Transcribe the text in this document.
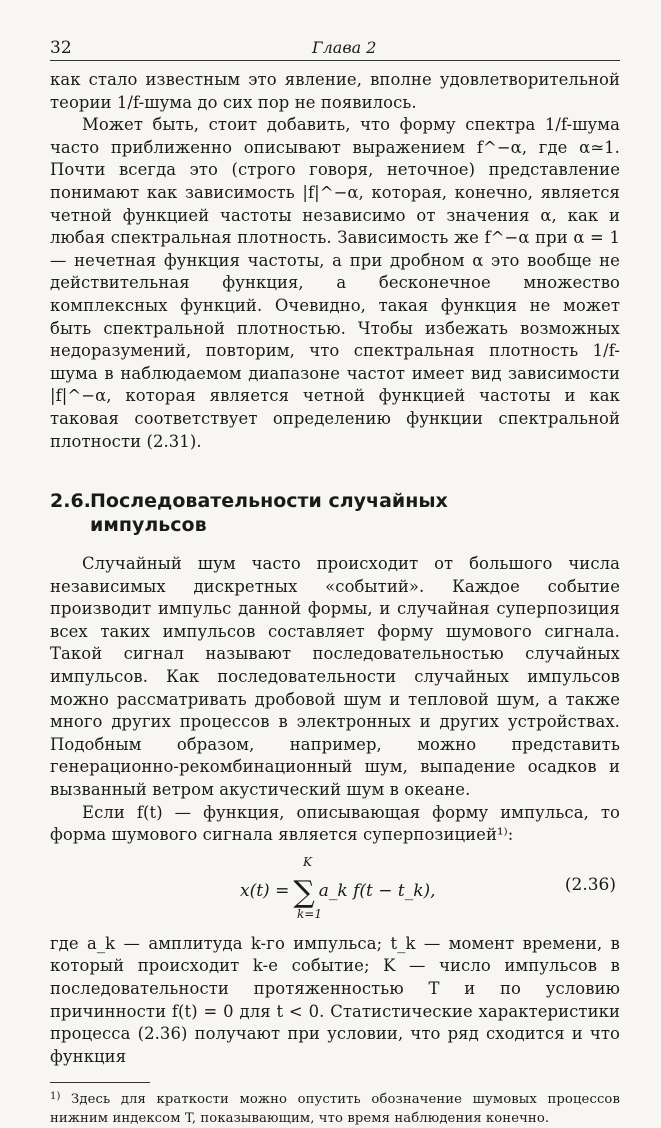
32	Глава 2

как стало известным это явление, вполне удовлетворительной теории 1/f-шума до сих пор не появилось.

Может быть, стоит добавить, что форму спектра 1/f-шума часто приближенно описывают выражением f^−α, где α≃1. Почти всегда это (строго говоря, неточное) представление понимают как зависимость |f|^−α, которая, конечно, является четной функцией частоты независимо от значения α, как и любая спектральная плотность. Зависимость же f^−α при α = 1 — нечетная функция частоты, а при дробном α это вообще не действительная функция, а бесконечное множество комплексных функций. Очевидно, такая функция не может быть спектральной плотностью. Чтобы избежать возможных недоразумений, повторим, что спектральная плотность 1/f-шума в наблюдаемом диапазоне частот имеет вид зависимости |f|^−α, которая является четной функцией частоты и как таковая соответствует определению функции спектральной плотности (2.31).

2.6.Последовательности случайных
импульсов

Случайный шум часто происходит от большого числа независимых дискретных «событий». Каждое событие производит импульс данной формы, и случайная суперпозиция всех таких импульсов составляет форму шумового сигнала. Такой сигнал называют последовательностью случайных импульсов. Как последовательности случайных импульсов можно рассматривать дробовой шум и тепловой шум, а также много других процессов в электронных и других устройствах. Подобным образом, например, можно представить генерационно-рекомбинационный шум, выпадение осадков и вызванный ветром акустический шум в океане.

Если f(t) — функция, описывающая форму импульса, то форма шумового сигнала является суперпозицией¹⁾:

K
x(t) = ∑ a_k f(t − t_k),
k=1
(2.36)

где a_k — амплитуда k-го импульса; t_k — момент времени, в который происходит k-е событие; K — число импульсов в последовательности протяженностью T и по условию причинности f(t) = 0 для t < 0. Статистические характеристики процесса (2.36) получают при условии, что ряд сходится и что функция

$^{1)}$ Здесь для краткости можно опустить обозначение шумовых процессов нижним индексом T, показывающим, что время наблюдения конечно.
